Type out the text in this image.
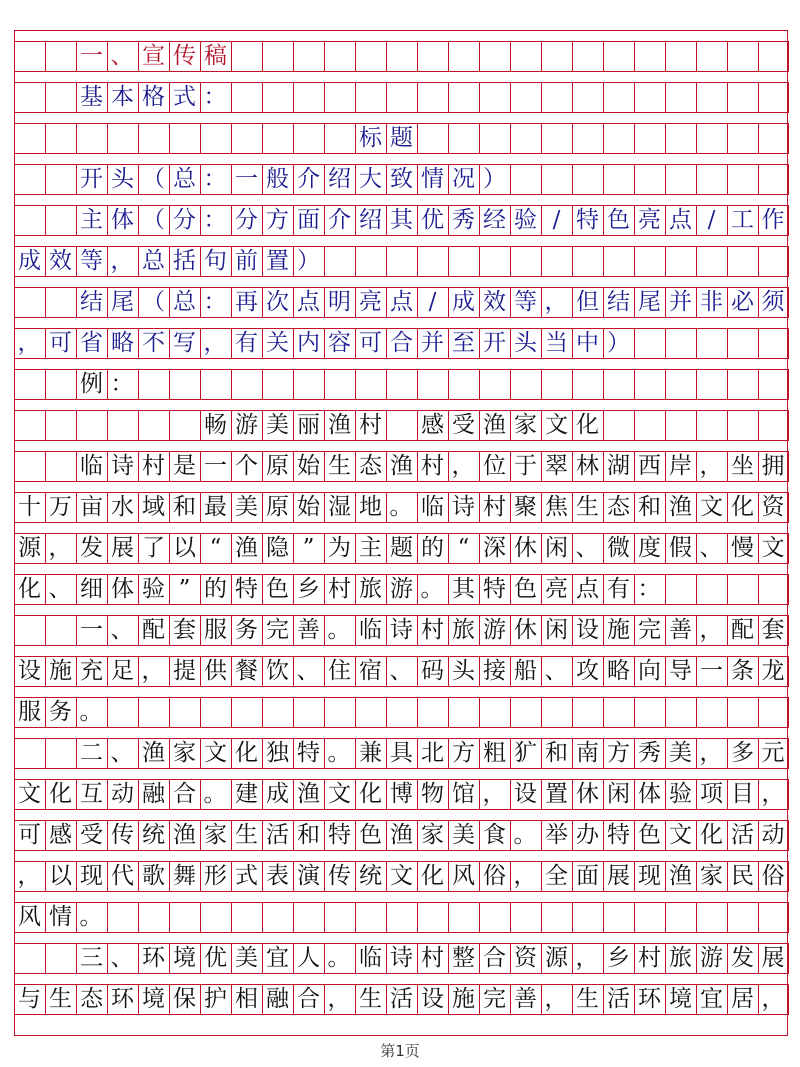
一 、 宣 传 稿
基 本 格 式 ：
标 题
开 头 （ 总 ： 一 般 介 绍 大 致 情 况 ）
主 体 （ 分 ： 分 方 面 介 绍 其 优 秀 经 验 / 特 色 亮 点 / 工 作
成 效 等 ， 总 括 句 前 置 ）
结 尾 （ 总 ： 再 次 点 明 亮 点 / 成 效 等 ， 但 结 尾 并 非 必 须
， 可 省 略 不 写 ， 有 关 内 容 可 合 并 至 开 头 当 中 ）
例 ：
畅 游 美 丽 渔 村 感 受 渔 家 文 化
临 诗 村 是 一 个 原 始 生 态 渔 村 ， 位 于 翠 林 湖 西 岸 ， 坐 拥
十 万 亩 水 域 和 最 美 原 始 湿 地 。 临 诗 村 聚 焦 生 态 和 渔 文 化 资
源 ， 发 展 了 以 “ 渔 隐 ” 为 主 题 的 “ 深 休 闲 、 微 度 假 、 慢 文
化 、 细 体 验 ” 的 特 色 乡 村 旅 游 。 其 特 色 亮 点 有 ：
一 、 配 套 服 务 完 善 。 临 诗 村 旅 游 休 闲 设 施 完 善 ， 配 套
设 施 充 足 ， 提 供 餐 饮 、 住 宿 、 码 头 接 船 、 攻 略 向 导 一 条 龙
服 务 。
二 、 渔 家 文 化 独 特 。 兼 具 北 方 粗 犷 和 南 方 秀 美 ， 多 元
文 化 互 动 融 合 。 建 成 渔 文 化 博 物 馆 ， 设 置 休 闲 体 验 项 目 ，
可 感 受 传 统 渔 家 生 活 和 特 色 渔 家 美 食 。 举 办 特 色 文 化 活 动
， 以 现 代 歌 舞 形 式 表 演 传 统 文 化 风 俗 ， 全 面 展 现 渔 家 民 俗
风 情 。
三 、 环 境 优 美 宜 人 。 临 诗 村 整 合 资 源 ， 乡 村 旅 游 发 展
与 生 态 环 境 保 护 相 融 合 ， 生 活 设 施 完 善 ， 生 活 环 境 宜 居 ，
第1页
